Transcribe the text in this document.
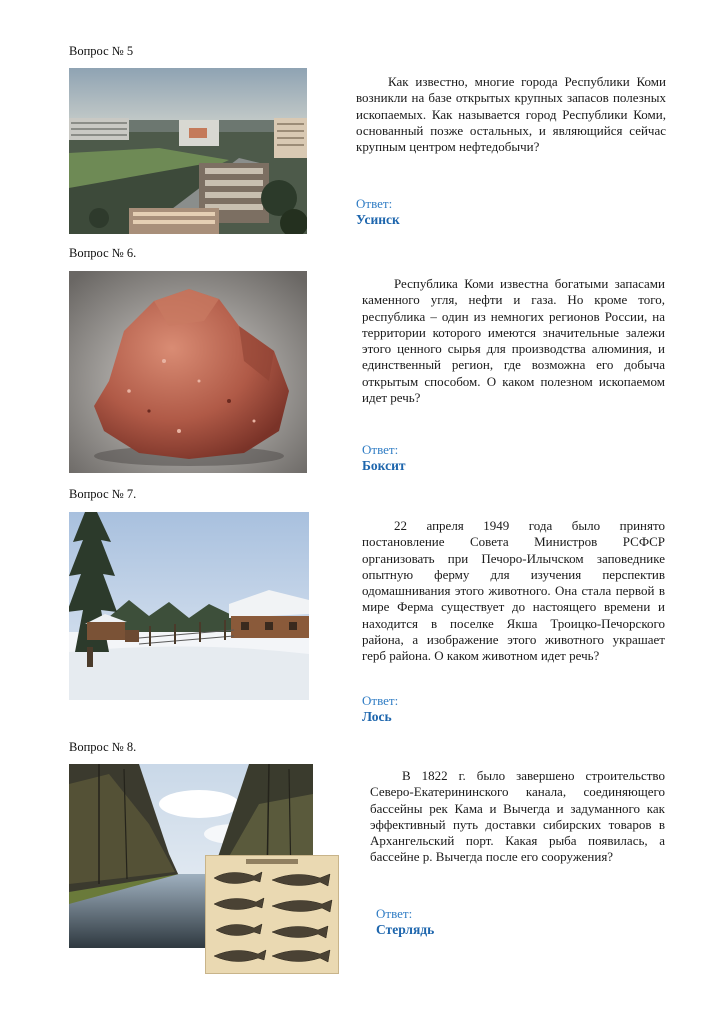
Вопрос № 5

Как известно, многие города Республики Коми возникли на базе открытых крупных запасов полезных ископаемых. Как называется город Республики Коми, основанный позже остальных, и являющийся сейчас крупным центром нефтедобычи?

Ответ:
Усинск
Вопрос № 6.

Республика Коми известна богатыми запасами каменного угля, нефти и газа. Но кроме того, республика – один из немногих регионов России, на территории которого имеются значительные залежи этого ценного сырья для производства алюминия, и единственный регион, где возможна его добыча открытым способом. О каком полезном ископаемом идет речь?

Ответ:
Боксит
Вопрос № 7.

22 апреля 1949 года было принято постановление Совета Министров РСФСР организовать при Печоро-Илычском заповеднике опытную ферму для изучения перспектив одомашнивания этого животного. Она стала первой в мире Ферма существует до настоящего времени и находится в поселке Якша Троицко-Печорского района, а изображение этого животного украшает герб района. О каком животном идет речь?

Ответ:
Лось
Вопрос № 8.

В 1822 г. было завершено строительство Северо-Екатерининского канала, соединяющего бассейны рек Кама и Вычегда и задуманного как эффективный путь доставки сибирских товаров в Архангельский порт. Какая рыба появилась, а бассейне р. Вычегда после его сооружения?

Ответ:
Стерлядь
